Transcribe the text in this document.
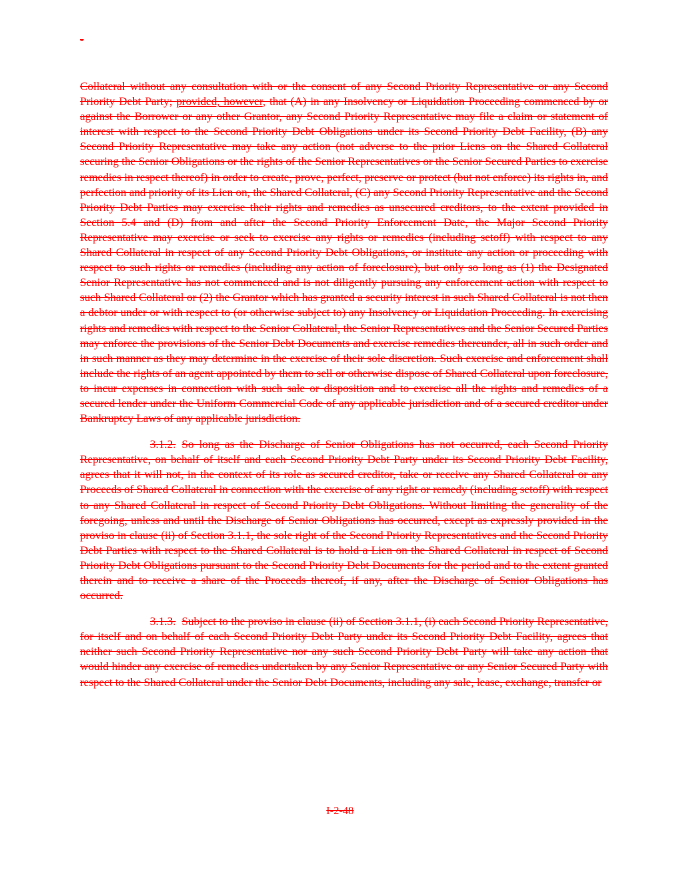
-

Collateral without any consultation with or the consent of any Second Priority Representative or any Second Priority Debt Party; provided, however, that (A) in any Insolvency or Liquidation Proceeding commenced by or against the Borrower or any other Grantor, any Second Priority Representative may file a claim or statement of interest with respect to the Second Priority Debt Obligations under its Second Priority Debt Facility, (B) any Second Priority Representative may take any action (not adverse to the prior Liens on the Shared Collateral securing the Senior Obligations or the rights of the Senior Representatives or the Senior Secured Parties to exercise remedies in respect thereof) in order to create, prove, perfect, preserve or protect (but not enforce) its rights in, and perfection and priority of its Lien on, the Shared Collateral, (C) any Second Priority Representative and the Second Priority Debt Parties may exercise their rights and remedies as unsecured creditors, to the extent provided in Section 5.4 and (D) from and after the Second Priority Enforcement Date, the Major Second Priority Representative may exercise or seek to exercise any rights or remedies (including setoff) with respect to any Shared Collateral in respect of any Second Priority Debt Obligations, or institute any action or proceeding with respect to such rights or remedies (including any action of foreclosure), but only so long as (1) the Designated Senior Representative has not commenced and is not diligently pursuing any enforcement action with respect to such Shared Collateral or (2) the Grantor which has granted a security interest in such Shared Collateral is not then a debtor under or with respect to (or otherwise subject to) any Insolvency or Liquidation Proceeding. In exercising rights and remedies with respect to the Senior Collateral, the Senior Representatives and the Senior Secured Parties may enforce the provisions of the Senior Debt Documents and exercise remedies thereunder, all in such order and in such manner as they may determine in the exercise of their sole discretion. Such exercise and enforcement shall include the rights of an agent appointed by them to sell or otherwise dispose of Shared Collateral upon foreclosure, to incur expenses in connection with such sale or disposition and to exercise all the rights and remedies of a secured lender under the Uniform Commercial Code of any applicable jurisdiction and of a secured creditor under Bankruptcy Laws of any applicable jurisdiction.

3.1.2. So long as the Discharge of Senior Obligations has not occurred, each Second Priority Representative, on behalf of itself and each Second Priority Debt Party under its Second Priority Debt Facility, agrees that it will not, in the context of its role as secured creditor, take or receive any Shared Collateral or any Proceeds of Shared Collateral in connection with the exercise of any right or remedy (including setoff) with respect to any Shared Collateral in respect of Second Priority Debt Obligations. Without limiting the generality of the foregoing, unless and until the Discharge of Senior Obligations has occurred, except as expressly provided in the proviso in clause (ii) of Section 3.1.1, the sole right of the Second Priority Representatives and the Second Priority Debt Parties with respect to the Shared Collateral is to hold a Lien on the Shared Collateral in respect of Second Priority Debt Obligations pursuant to the Second Priority Debt Documents for the period and to the extent granted therein and to receive a share of the Proceeds thereof, if any, after the Discharge of Senior Obligations has occurred.

3.1.3. Subject to the proviso in clause (ii) of Section 3.1.1, (i) each Second Priority Representative, for itself and on behalf of each Second Priority Debt Party under its Second Priority Debt Facility, agrees that neither such Second Priority Representative nor any such Second Priority Debt Party will take any action that would hinder any exercise of remedies undertaken by any Senior Representative or any Senior Secured Party with respect to the Shared Collateral under the Senior Debt Documents, including any sale, lease, exchange, transfer or

I-2-48
